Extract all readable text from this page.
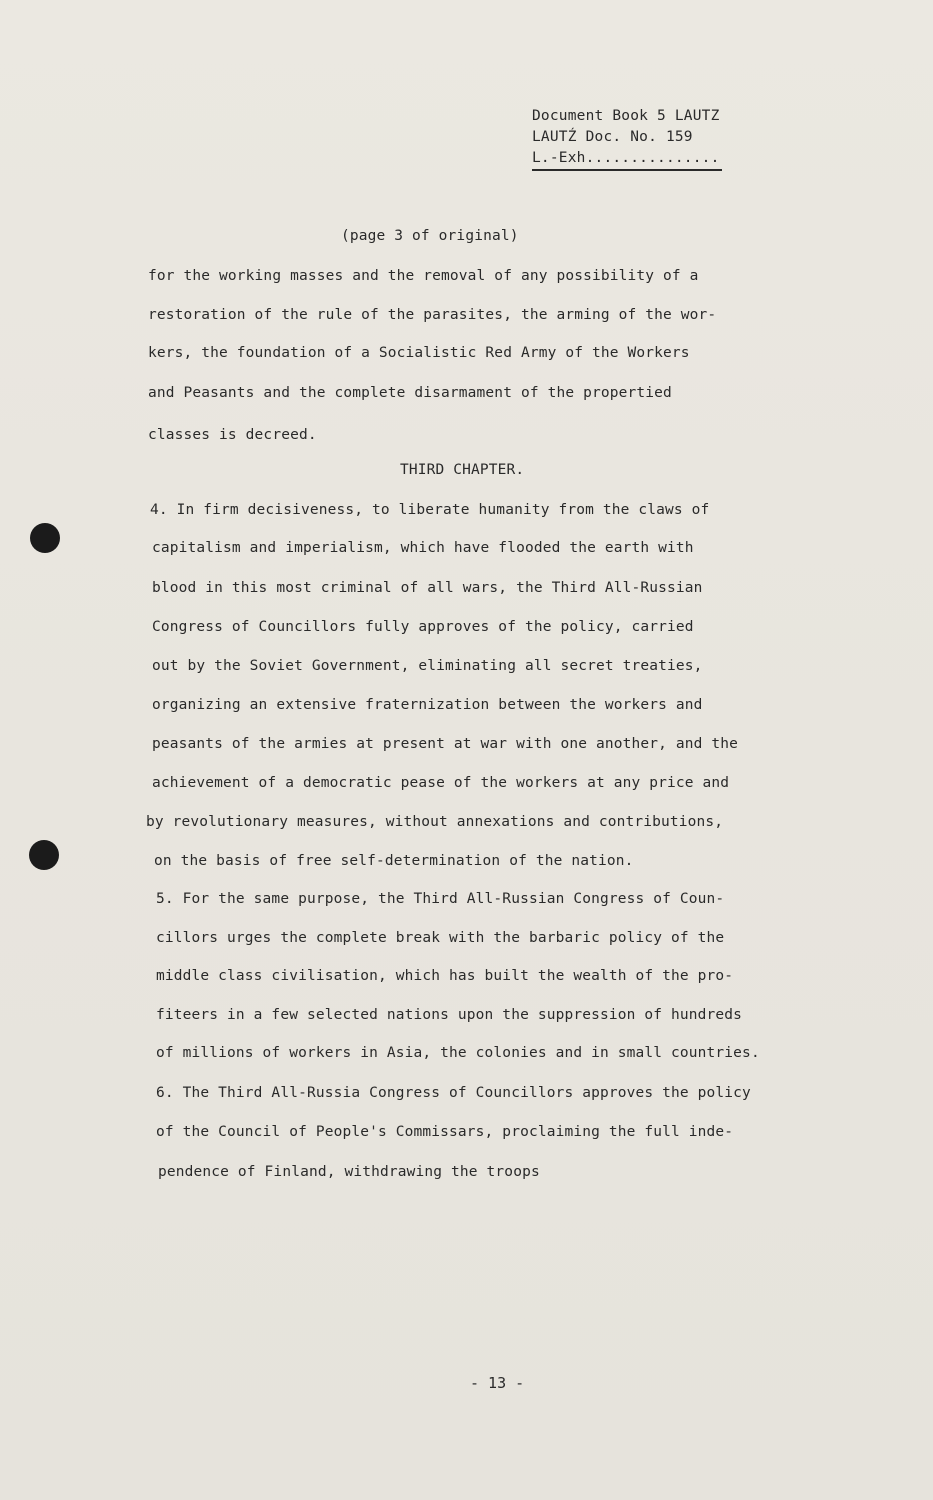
Document Book 5 LAUTZ
LAUTŹ Doc. No. 159
L.-Exh...............
(page 3 of original)
for the working masses and the removal of any possibility of a
restoration of the rule of the parasites, the arming of the wor-
kers, the foundation of a Socialistic Red Army of the Workers
and Peasants and the complete disarmament of the propertied
classes is decreed.
THIRD CHAPTER.
4. In firm decisiveness, to liberate humanity from the claws of
capitalism and imperialism, which have flooded the earth with
blood in this most criminal of all wars, the Third All-Russian
Congress of Councillors fully approves of the policy, carried
out by the Soviet Government, eliminating all secret treaties,
organizing an extensive fraternization between the workers and
peasants of the armies at present at war with one another, and the
achievement of a democratic pease of the workers at any price and
by revolutionary measures, without annexations and contributions,
on the basis of free self-determination of the nation.
5. For the same purpose, the Third All-Russian Congress of Coun-
cillors urges the complete break with the barbaric policy of the
middle class civilisation, which has built the wealth of the pro-
fiteers in a few selected nations upon the suppression of hundreds
of millions of workers in Asia, the colonies and in small countries.
6. The Third All-Russia Congress of Councillors approves the policy
of the Council of People's Commissars, proclaiming the full inde-
pendence of Finland, withdrawing the troops
- 13 -
